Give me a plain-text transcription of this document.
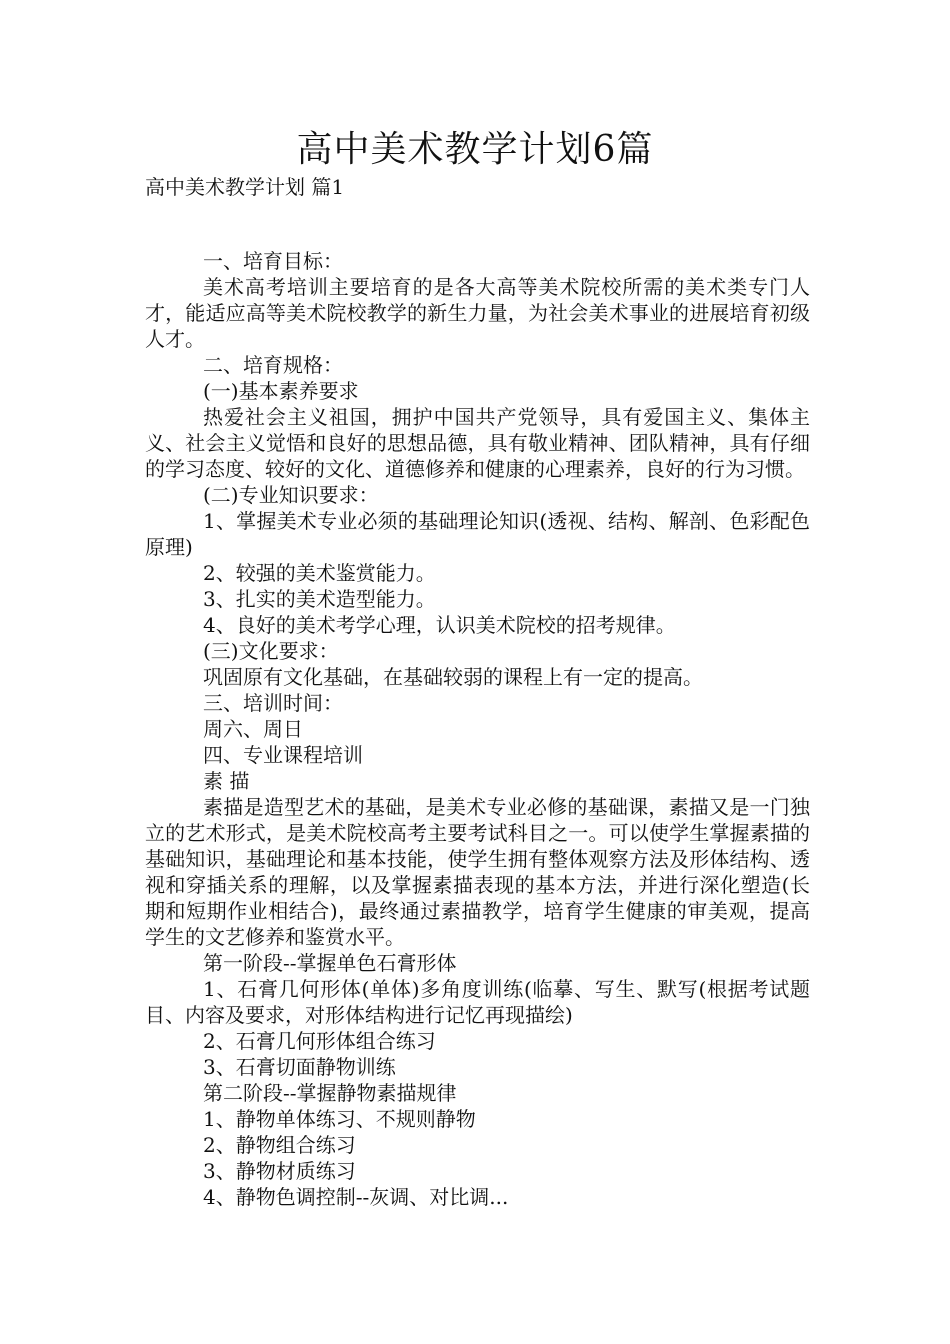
高中美术教学计划6篇
高中美术教学计划 篇1

一、培育目标：

美术高考培训主要培育的是各大高等美术院校所需的美术类专门人才，能适应高等美术院校教学的新生力量，为社会美术事业的进展培育初级人才。

二、培育规格：

(一)基本素养要求

热爱社会主义祖国，拥护中国共产党领导，具有爱国主义、集体主义、社会主义觉悟和良好的思想品德，具有敬业精神、团队精神，具有仔细的学习态度、较好的文化、道德修养和健康的心理素养，良好的行为习惯。

(二)专业知识要求：

1、掌握美术专业必须的基础理论知识(透视、结构、解剖、色彩配色原理)

2、较强的美术鉴赏能力。

3、扎实的美术造型能力。

4、良好的美术考学心理，认识美术院校的招考规律。

(三)文化要求：

巩固原有文化基础，在基础较弱的课程上有一定的提高。

三、培训时间：

周六、周日

四、专业课程培训

素 描

素描是造型艺术的基础，是美术专业必修的基础课，素描又是一门独立的艺术形式，是美术院校高考主要考试科目之一。可以使学生掌握素描的基础知识，基础理论和基本技能，使学生拥有整体观察方法及形体结构、透视和穿插关系的理解，以及掌握素描表现的基本方法，并进行深化塑造(长期和短期作业相结合)，最终通过素描教学，培育学生健康的审美观，提高学生的文艺修养和鉴赏水平。

第一阶段--掌握单色石膏形体

1、石膏几何形体(单体)多角度训练(临摹、写生、默写(根据考试题目、内容及要求，对形体结构进行记忆再现描绘)

2、石膏几何形体组合练习

3、石膏切面静物训练

第二阶段--掌握静物素描规律

1、静物单体练习、不规则静物

2、静物组合练习

3、静物材质练习

4、静物色调控制--灰调、对比调...
